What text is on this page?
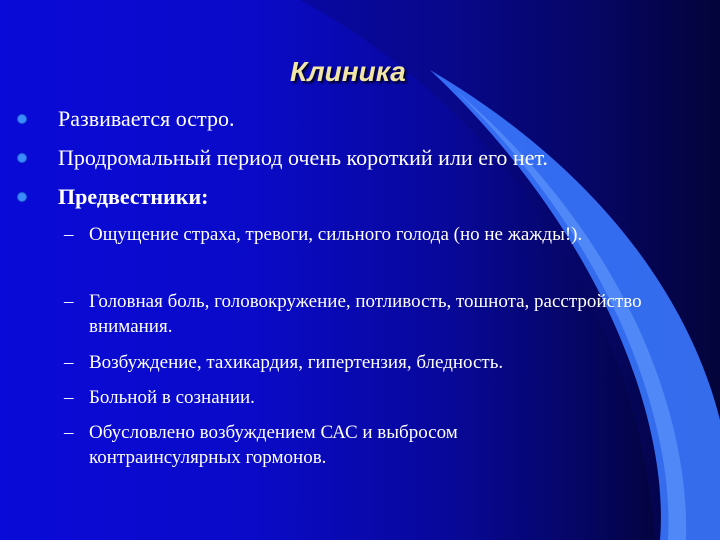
Клиника
Развивается остро.
Продромальный период очень короткий или его нет.
Предвестники:
– Ощущение страха, тревоги, сильного голода (но не жажды!).
– Головная боль, головокружение, потливость, тошнота, расстройство внимания.
– Возбуждение, тахикардия, гипертензия, бледность.
– Больной в сознании.
– Обусловлено возбуждением САС и выбросом контраинсулярных гормонов.
